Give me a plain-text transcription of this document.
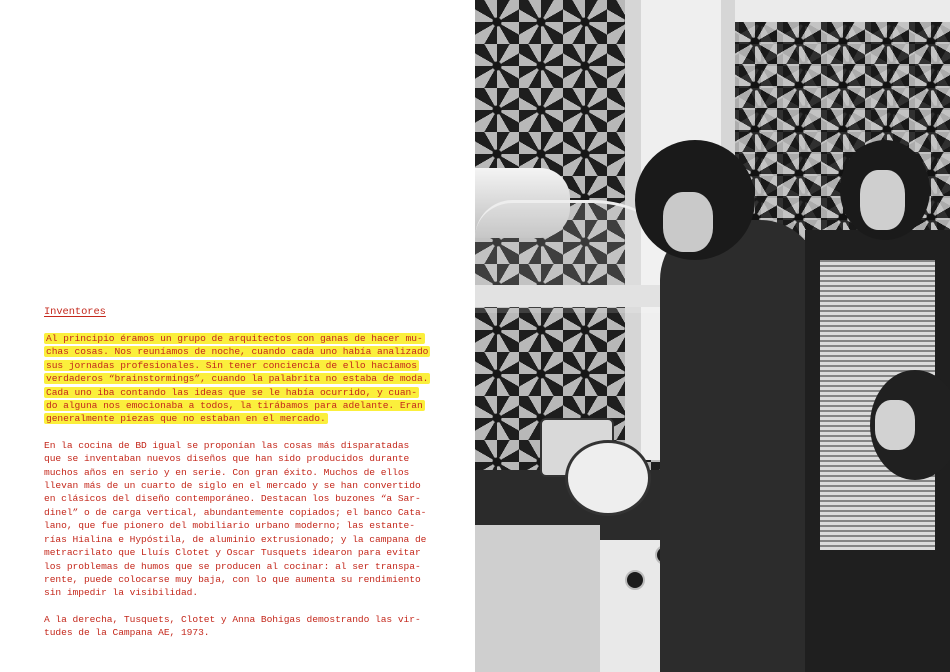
Inventores
Al principio éramos un grupo de arquitectos con ganas de hacer mu-
chas cosas. Nos reuníamos de noche, cuando cada uno había analizado
sus jornadas profesionales. Sin tener conciencia de ello hacíamos
verdaderos “brainstormings”, cuando la palabrita no estaba de moda.
Cada uno iba contando las ideas que se le había ocurrido, y cuan-
do alguna nos emocionaba a todos, la tirábamos para adelante. Eran
generalmente piezas que no estaban en el mercado.
En la cocina de BD igual se proponían las cosas más disparatadas
que se inventaban nuevos diseños que han sido producidos durante
muchos años en serio y en serie. Con gran éxito. Muchos de ellos
llevan más de un cuarto de siglo en el mercado y se han convertido
en clásicos del diseño contemporáneo. Destacan los buzones “a Sar-
dinel” o de carga vertical, abundantemente copiados; el banco Cata-
lano, que fue pionero del mobiliario urbano moderno; las estante-
rías Hialina e Hypóstila, de aluminio extrusionado; y la campana de
metracrilato que Lluís Clotet y Oscar Tusquets idearon para evitar
los problemas de humos que se producen al cocinar: al ser transpa-
rente, puede colocarse muy baja, con lo que aumenta su rendimiento
sin impedir la visibilidad.
A la derecha, Tusquets, Clotet y Anna Bohigas demostrando las vir-
tudes de la Campana AE, 1973.
